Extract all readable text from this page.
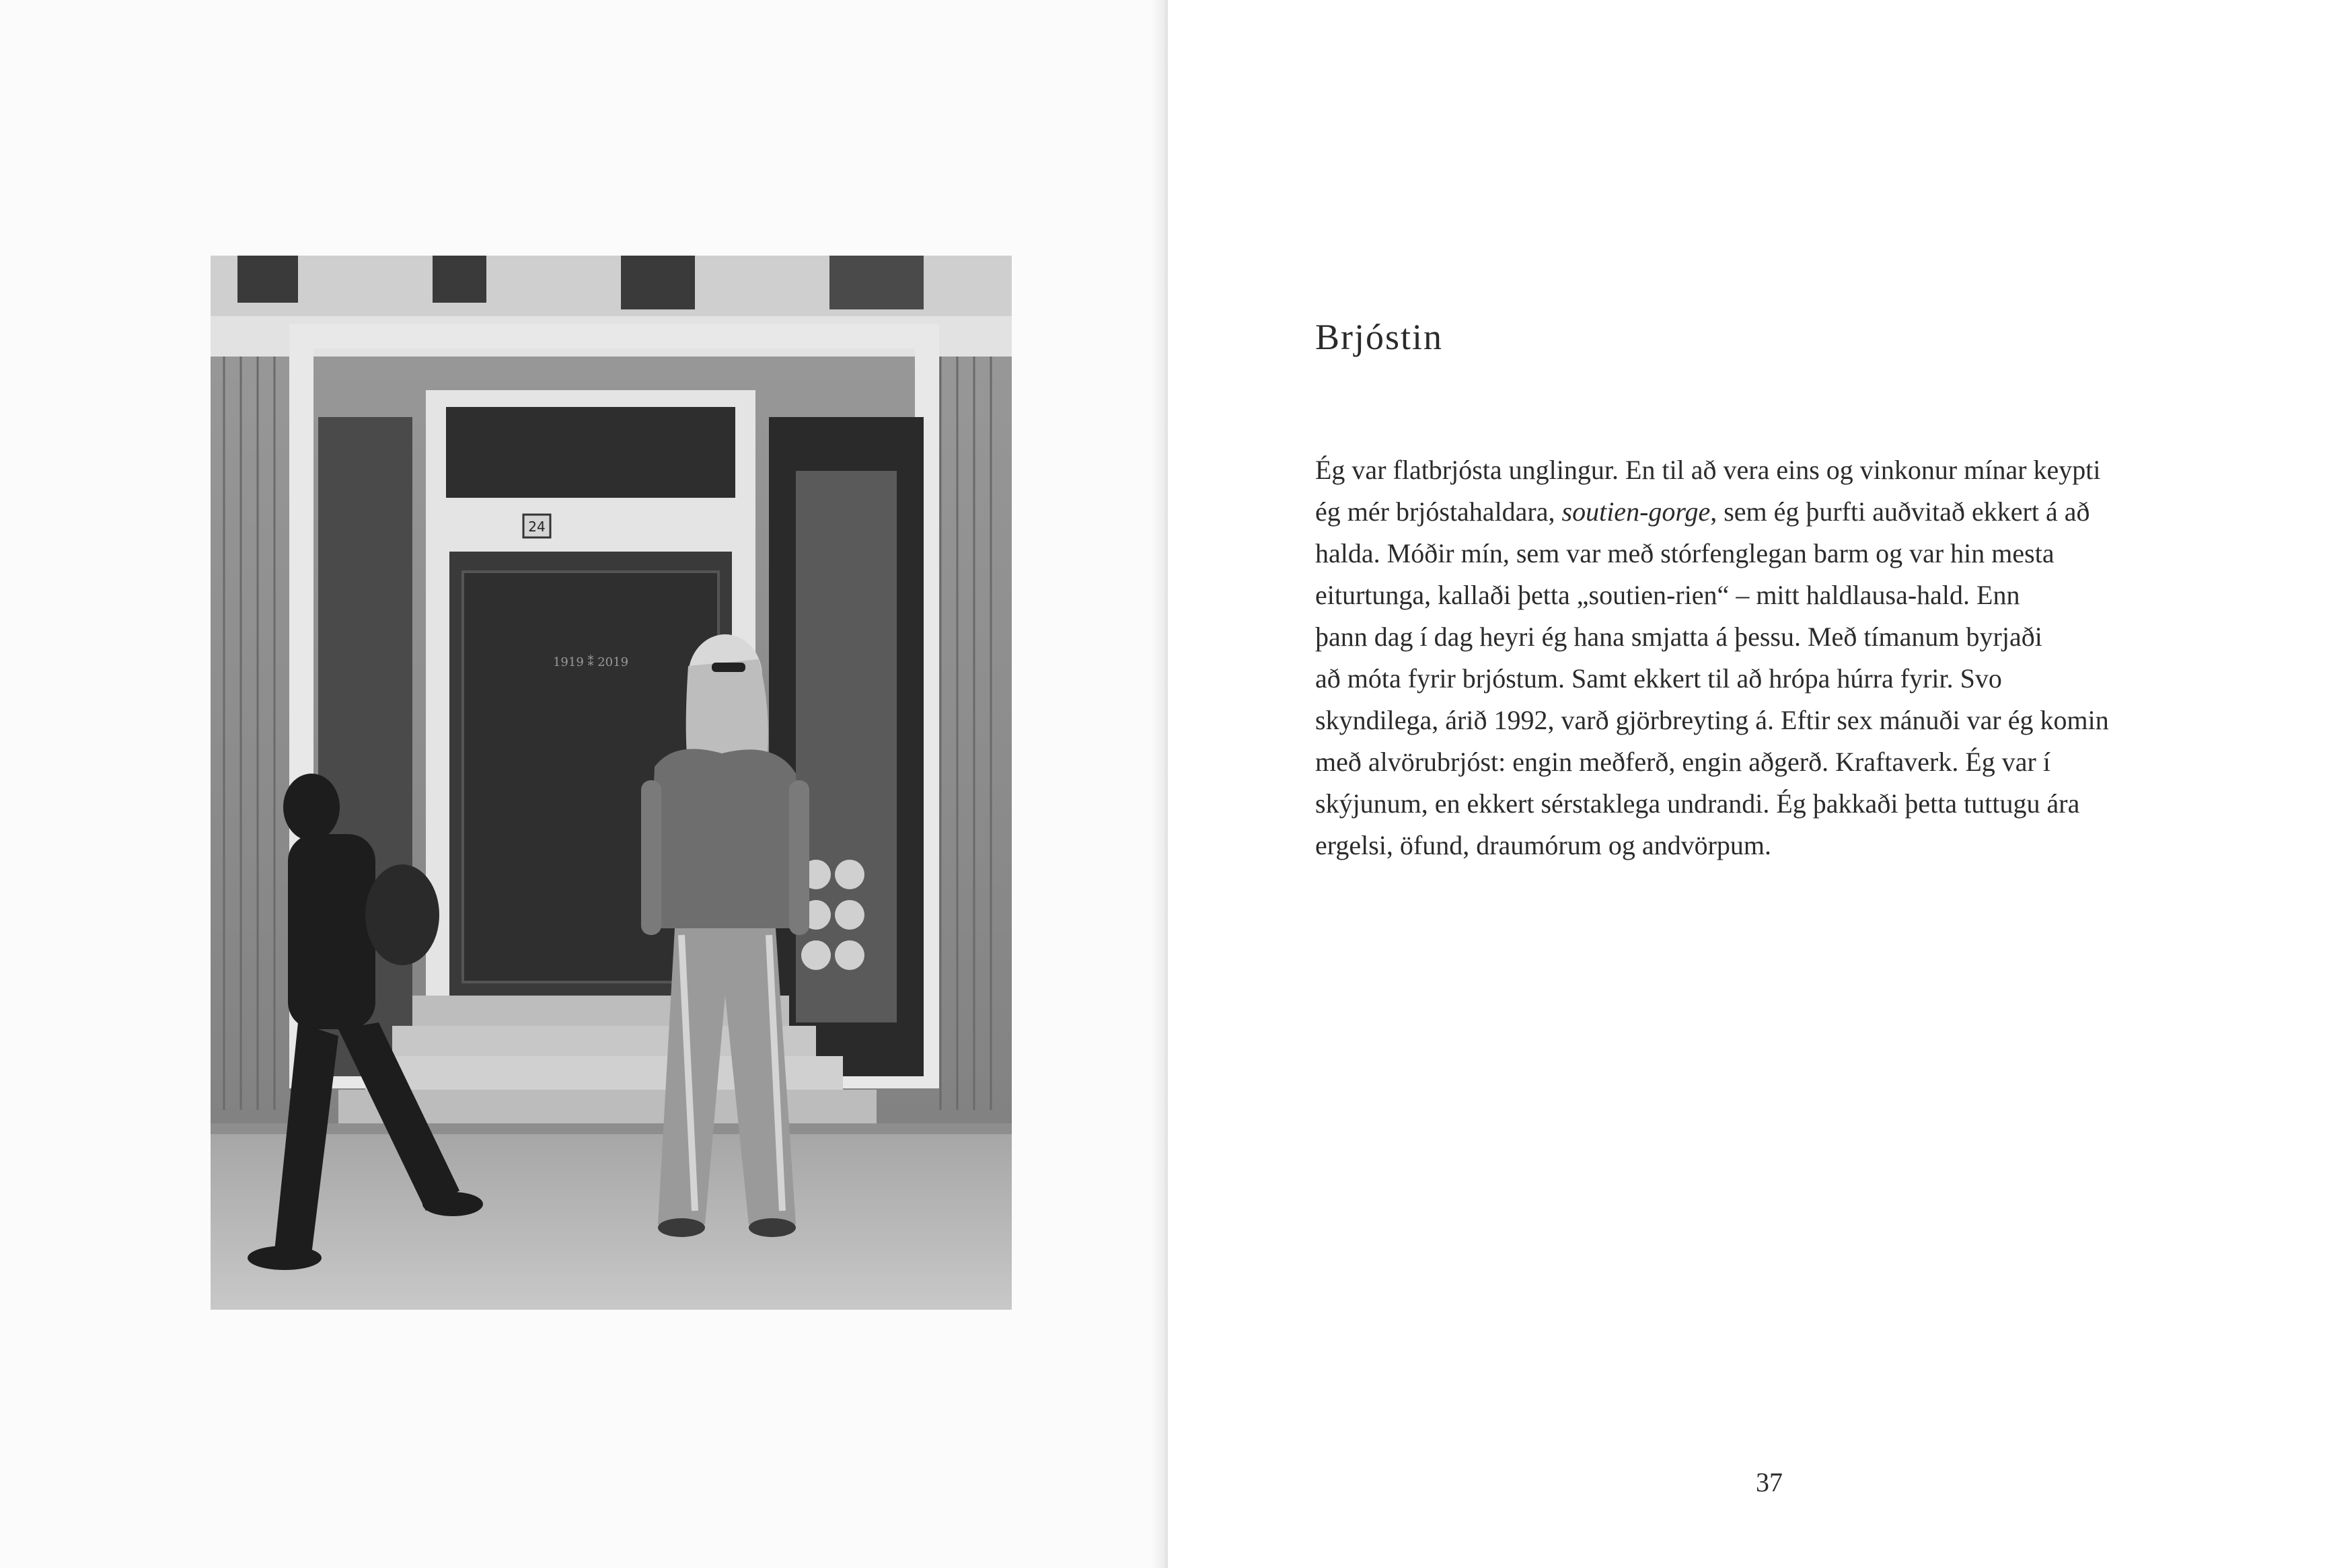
24
1919 ⁑ 2019
Brjóstin
Ég var flatbrjósta unglingur. En til að vera eins og vinkonur mínar keypti
ég mér brjóstahaldara, soutien-gorge, sem ég þurfti auðvitað ekkert á að
halda. Móðir mín, sem var með stórfenglegan barm og var hin mesta
eiturtunga, kallaði þetta „soutien-rien“ – mitt haldlausa-hald. Enn
þann dag í dag heyri ég hana smjatta á þessu. Með tímanum byrjaði
að móta fyrir brjóstum. Samt ekkert til að hrópa húrra fyrir. Svo
skyndilega, árið 1992, varð gjörbreyting á. Eftir sex mánuði var ég komin
með alvörubrjóst: engin meðferð, engin aðgerð. Kraftaverk. Ég var í
skýjunum, en ekkert sérstaklega undrandi. Ég þakkaði þetta tuttugu ára
ergelsi, öfund, draumórum og andvörpum.
37
